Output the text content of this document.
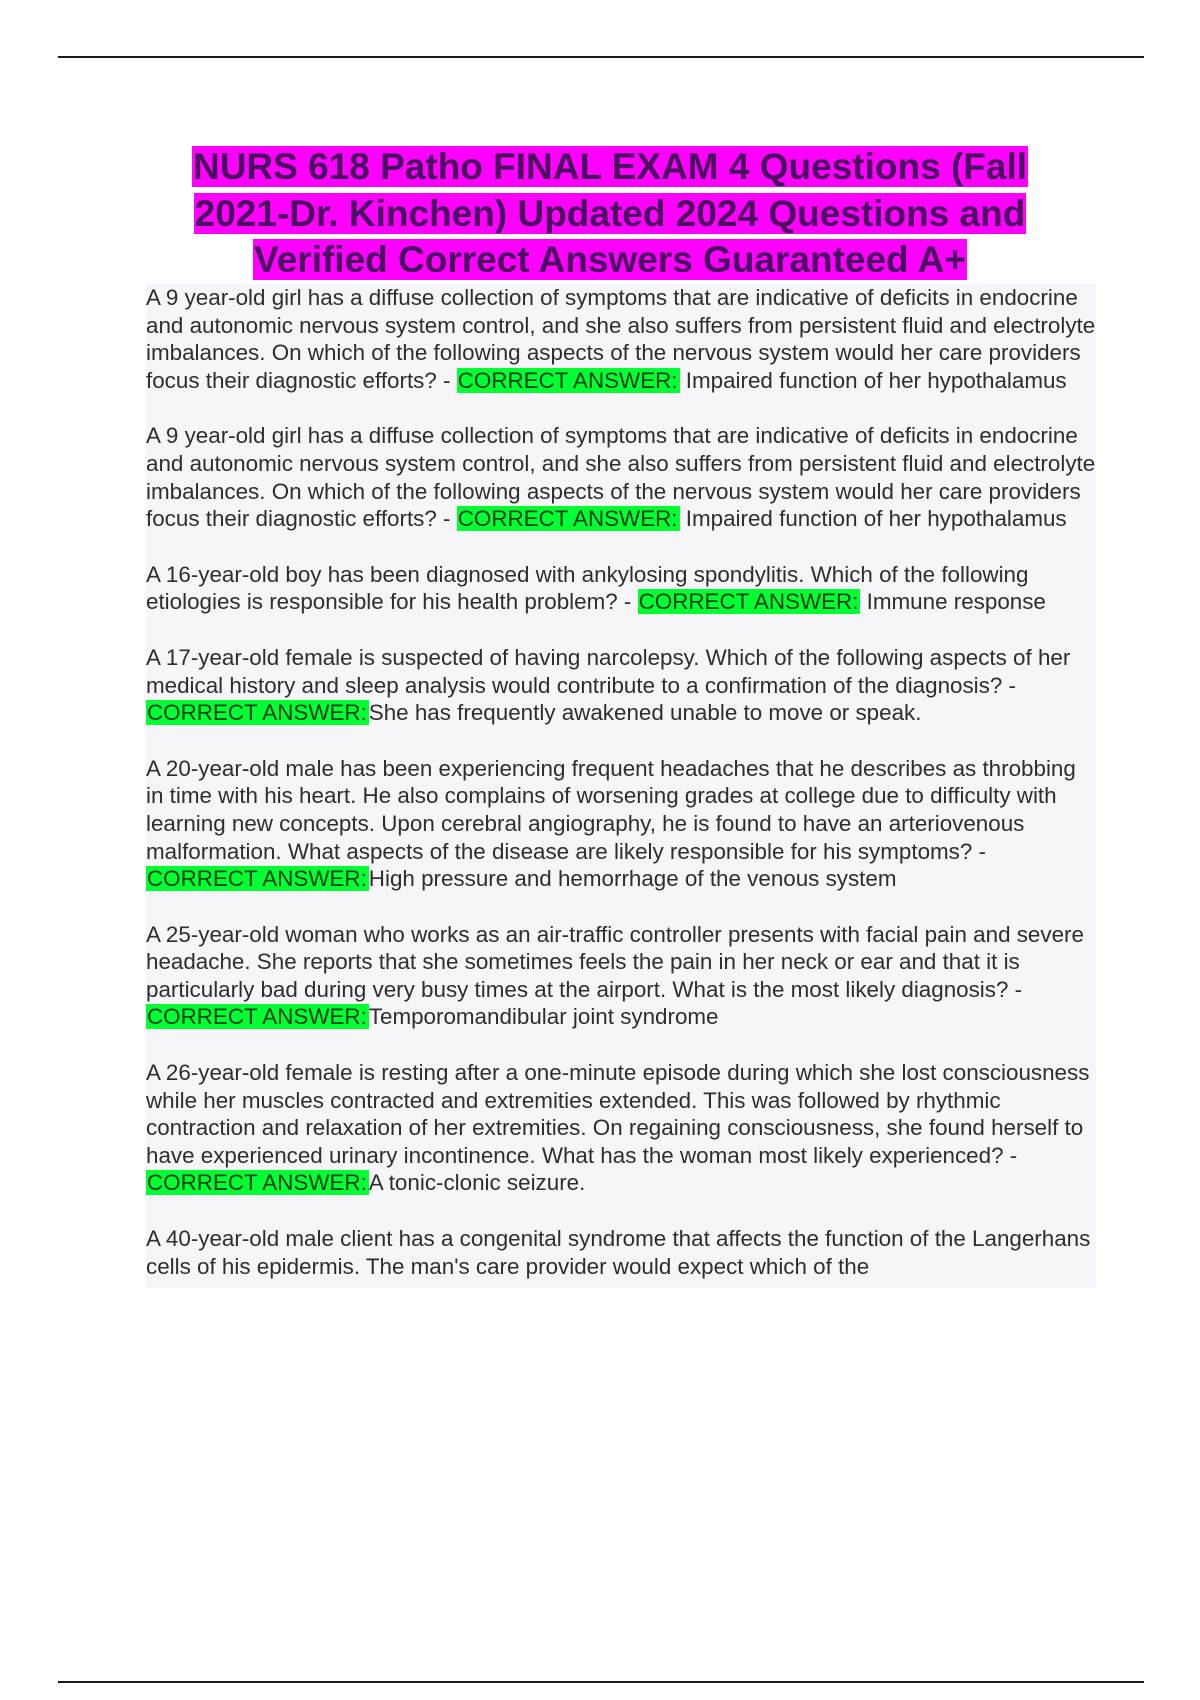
NURS 618 Patho FINAL EXAM 4 Questions (Fall 2021-Dr. Kinchen) Updated 2024 Questions and Verified Correct Answers Guaranteed A+

A 9 year-old girl has a diffuse collection of symptoms that are indicative of deficits in endocrine and autonomic nervous system control, and she also suffers from persistent fluid and electrolyte imbalances. On which of the following aspects of the nervous system would her care providers focus their diagnostic efforts? - CORRECT ANSWER: Impaired function of her hypothalamus

A 9 year-old girl has a diffuse collection of symptoms that are indicative of deficits in endocrine and autonomic nervous system control, and she also suffers from persistent fluid and electrolyte imbalances. On which of the following aspects of the nervous system would her care providers focus their diagnostic efforts? - CORRECT ANSWER: Impaired function of her hypothalamus

A 16-year-old boy has been diagnosed with ankylosing spondylitis. Which of the following etiologies is responsible for his health problem? - CORRECT ANSWER: Immune response

A 17-year-old female is suspected of having narcolepsy. Which of the following aspects of her medical history and sleep analysis would contribute to a confirmation of the diagnosis? - CORRECT ANSWER:She has frequently awakened unable to move or speak.

A 20-year-old male has been experiencing frequent headaches that he describes as throbbing in time with his heart. He also complains of worsening grades at college due to difficulty with learning new concepts. Upon cerebral angiography, he is found to have an arteriovenous malformation. What aspects of the disease are likely responsible for his symptoms? - CORRECT ANSWER:High pressure and hemorrhage of the venous system

A 25-year-old woman who works as an air-traffic controller presents with facial pain and severe headache. She reports that she sometimes feels the pain in her neck or ear and that it is particularly bad during very busy times at the airport. What is the most likely diagnosis? - CORRECT ANSWER:Temporomandibular joint syndrome

A 26-year-old female is resting after a one-minute episode during which she lost consciousness while her muscles contracted and extremities extended. This was followed by rhythmic contraction and relaxation of her extremities. On regaining consciousness, she found herself to have experienced urinary incontinence. What has the woman most likely experienced? - CORRECT ANSWER:A tonic-clonic seizure.

A 40-year-old male client has a congenital syndrome that affects the function of the Langerhans cells of his epidermis. The man's care provider would expect which of the
